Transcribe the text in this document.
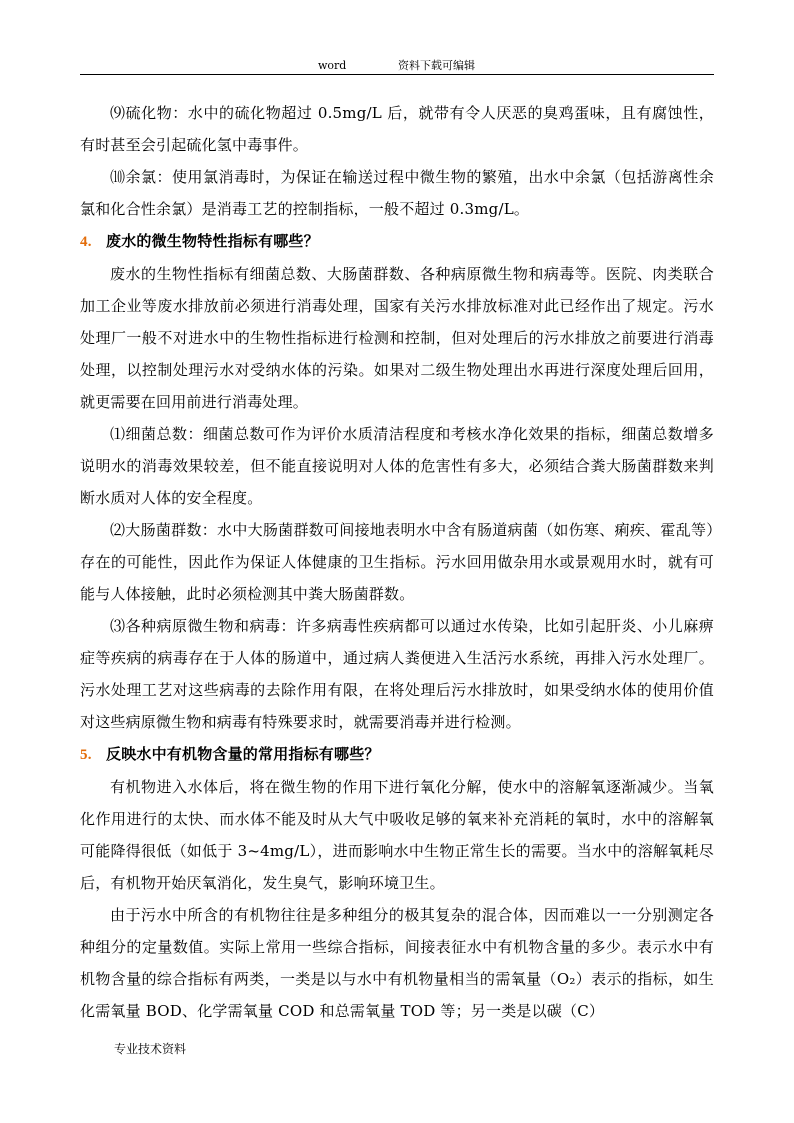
word	资料下载可编辑

⑼硫化物：水中的硫化物超过 0.5mg/L 后，就带有令人厌恶的臭鸡蛋味，且有腐蚀性，有时甚至会引起硫化氢中毒事件。

⑽余氯：使用氯消毒时，为保证在输送过程中微生物的繁殖，出水中余氯（包括游离性余氯和化合性余氯）是消毒工艺的控制指标，一般不超过 0.3mg/L。

4. 废水的微生物特性指标有哪些？

废水的生物性指标有细菌总数、大肠菌群数、各种病原微生物和病毒等。医院、肉类联合加工企业等废水排放前必须进行消毒处理，国家有关污水排放标准对此已经作出了规定。污水处理厂一般不对进水中的生物性指标进行检测和控制，但对处理后的污水排放之前要进行消毒处理，以控制处理污水对受纳水体的污染。如果对二级生物处理出水再进行深度处理后回用，就更需要在回用前进行消毒处理。

⑴细菌总数：细菌总数可作为评价水质清洁程度和考核水净化效果的指标，细菌总数增多说明水的消毒效果较差，但不能直接说明对人体的危害性有多大，必须结合粪大肠菌群数来判断水质对人体的安全程度。

⑵大肠菌群数：水中大肠菌群数可间接地表明水中含有肠道病菌（如伤寒、痢疾、霍乱等）存在的可能性，因此作为保证人体健康的卫生指标。污水回用做杂用水或景观用水时，就有可能与人体接触，此时必须检测其中粪大肠菌群数。

⑶各种病原微生物和病毒：许多病毒性疾病都可以通过水传染，比如引起肝炎、小儿麻痹症等疾病的病毒存在于人体的肠道中，通过病人粪便进入生活污水系统，再排入污水处理厂。污水处理工艺对这些病毒的去除作用有限，在将处理后污水排放时，如果受纳水体的使用价值对这些病原微生物和病毒有特殊要求时，就需要消毒并进行检测。

5. 反映水中有机物含量的常用指标有哪些？

有机物进入水体后，将在微生物的作用下进行氧化分解，使水中的溶解氧逐渐减少。当氧化作用进行的太快、而水体不能及时从大气中吸收足够的氧来补充消耗的氧时，水中的溶解氧可能降得很低（如低于 3~4mg/L），进而影响水中生物正常生长的需要。当水中的溶解氧耗尽后，有机物开始厌氧消化，发生臭气，影响环境卫生。

由于污水中所含的有机物往往是多种组分的极其复杂的混合体，因而难以一一分别测定各种组分的定量数值。实际上常用一些综合指标，间接表征水中有机物含量的多少。表示水中有机物含量的综合指标有两类，一类是以与水中有机物量相当的需氧量（O₂）表示的指标，如生化需氧量 BOD、化学需氧量 COD 和总需氧量 TOD 等；另一类是以碳（C）

专业技术资料
